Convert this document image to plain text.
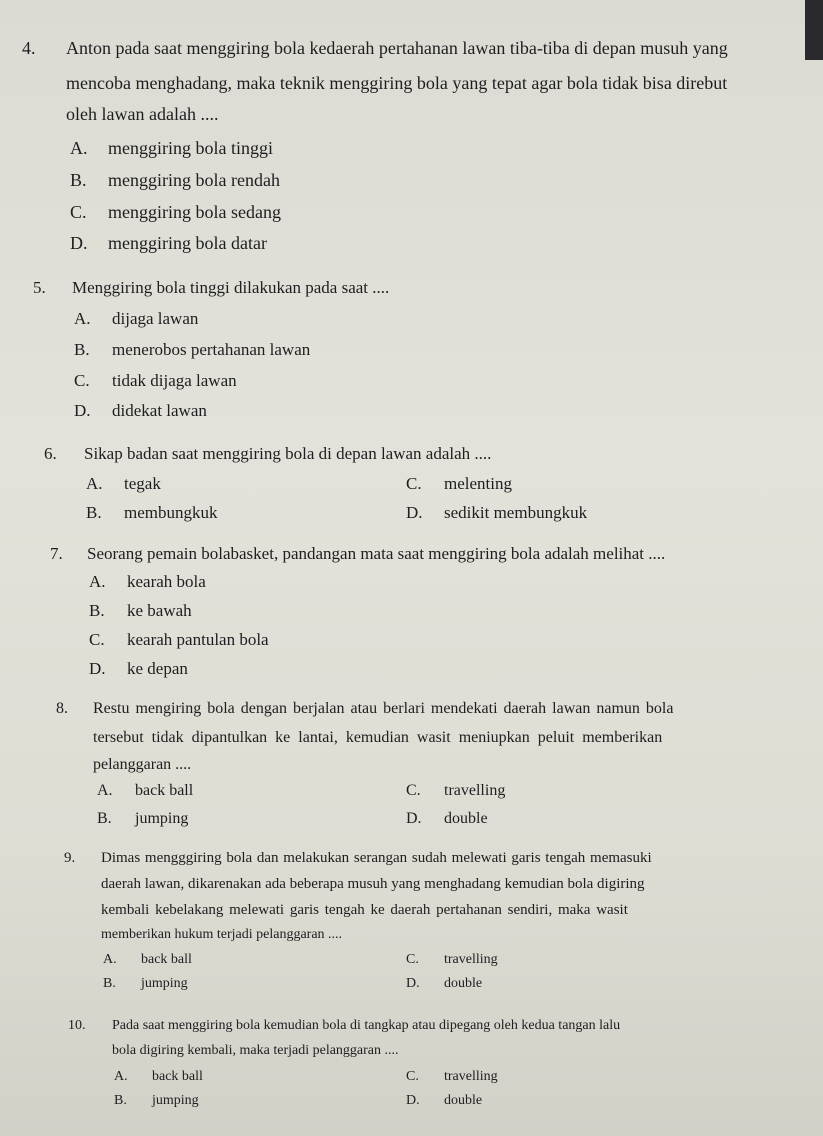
4. Anton pada saat menggiring bola kedaerah pertahanan lawan tiba-tiba di depan musuh yang
mencoba menghadang, maka teknik menggiring bola yang tepat agar bola tidak bisa direbut
oleh lawan adalah ....
A. menggiring bola tinggi
B. menggiring bola rendah
C. menggiring bola sedang
D. menggiring bola datar
5. Menggiring bola tinggi dilakukan pada saat ....
A. dijaga lawan
B. menerobos pertahanan lawan
C. tidak dijaga lawan
D. didekat lawan
6. Sikap badan saat menggiring bola di depan lawan adalah ....
A. tegak	C. melenting
B. membungkuk	D. sedikit membungkuk
7. Seorang pemain bolabasket, pandangan mata saat menggiring bola adalah melihat ....
A. kearah bola
B. ke bawah
C. kearah pantulan bola
D. ke depan
8. Restu mengiring bola dengan berjalan atau berlari mendekati daerah lawan namun bola
tersebut tidak dipantulkan ke lantai, kemudian wasit meniupkan peluit memberikan
pelanggaran ....
A. back ball	C. travelling
B. jumping	D. double
9. Dimas mengggiring bola dan melakukan serangan sudah melewati garis tengah memasuki
daerah lawan, dikarenakan ada beberapa musuh yang menghadang kemudian bola digiring
kembali kebelakang melewati garis tengah ke daerah pertahanan sendiri, maka wasit
memberikan hukum terjadi pelanggaran ....
A. back ball	C. travelling
B. jumping	D. double
10. Pada saat menggiring bola kemudian bola di tangkap atau dipegang oleh kedua tangan lalu
bola digiring kembali, maka terjadi pelanggaran ....
A. back ball	C. travelling
B. jumping	D. double
